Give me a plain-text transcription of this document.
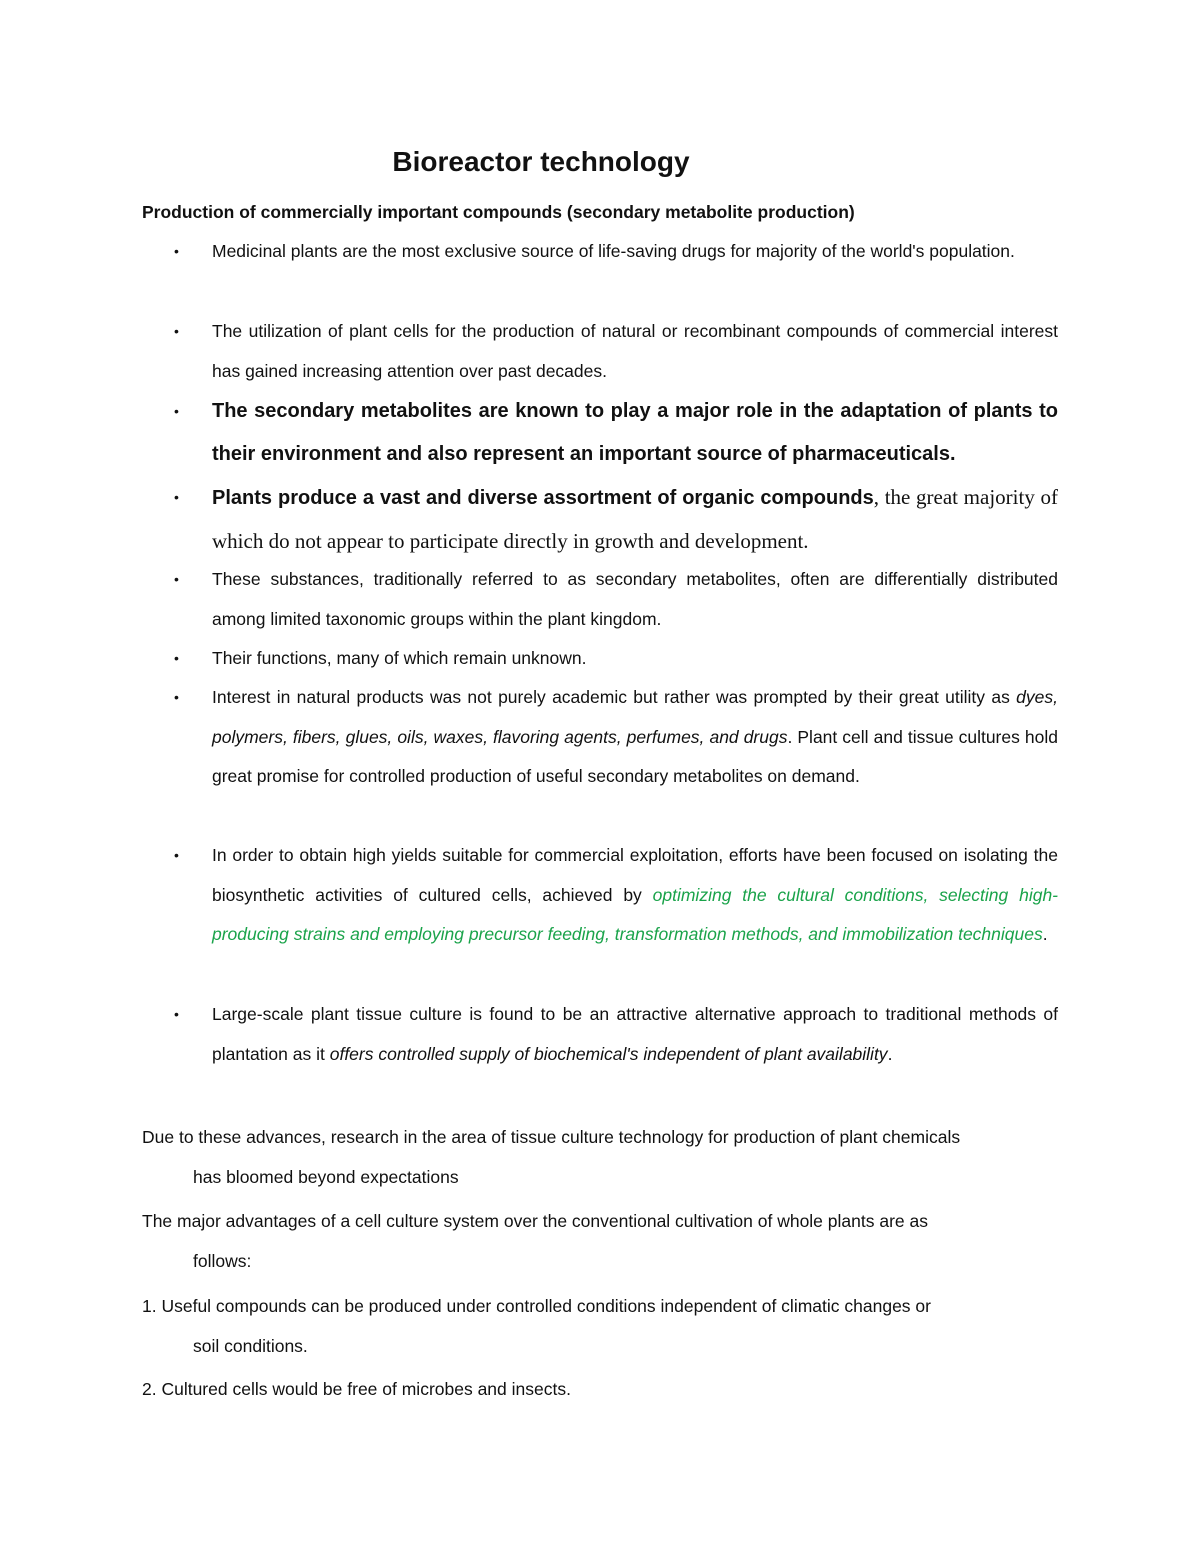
Bioreactor technology

Production of commercially important compounds (secondary metabolite production)

• Medicinal plants are the most exclusive source of life-saving drugs for majority of the world's population.

• The utilization of plant cells for the production of natural or recombinant compounds of commercial interest has gained increasing attention over past decades.

• The secondary metabolites are known to play a major role in the adaptation of plants to their environment and also represent an important source of pharmaceuticals.

• Plants produce a vast and diverse assortment of organic compounds, the great majority of which do not appear to participate directly in growth and development.

• These substances, traditionally referred to as secondary metabolites, often are differentially distributed among limited taxonomic groups within the plant kingdom.

• Their functions, many of which remain unknown.

• Interest in natural products was not purely academic but rather was prompted by their great utility as dyes, polymers, fibers, glues, oils, waxes, flavoring agents, perfumes, and drugs. Plant cell and tissue cultures hold great promise for controlled production of useful secondary metabolites on demand.

• In order to obtain high yields suitable for commercial exploitation, efforts have been focused on isolating the biosynthetic activities of cultured cells, achieved by optimizing the cultural conditions, selecting high-producing strains and employing precursor feeding, transformation methods, and immobilization techniques.

• Large-scale plant tissue culture is found to be an attractive alternative approach to traditional methods of plantation as it offers controlled supply of biochemical's independent of plant availability.

Due to these advances, research in the area of tissue culture technology for production of plant chemicals
has bloomed beyond expectations

The major advantages of a cell culture system over the conventional cultivation of whole plants are as
follows:

1. Useful compounds can be produced under controlled conditions independent of climatic changes or
soil conditions.

2. Cultured cells would be free of microbes and insects.
